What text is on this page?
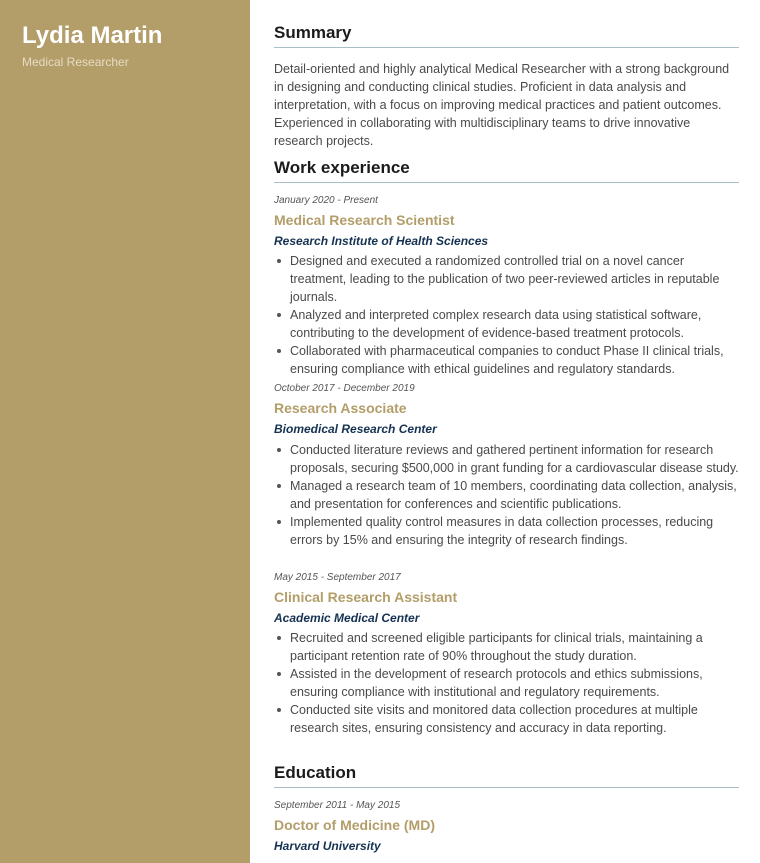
Lydia Martin
Medical Researcher
Summary

Detail-oriented and highly analytical Medical Researcher with a strong background in designing and conducting clinical studies. Proficient in data analysis and interpretation, with a focus on improving medical practices and patient outcomes. Experienced in collaborating with multidisciplinary teams to drive innovative research projects.

Work experience
January 2020 - Present
Medical Research Scientist
Research Institute of Health Sciences
Designed and executed a randomized controlled trial on a novel cancer treatment, leading to the publication of two peer-reviewed articles in reputable journals.
Analyzed and interpreted complex research data using statistical software, contributing to the development of evidence-based treatment protocols.
Collaborated with pharmaceutical companies to conduct Phase II clinical trials, ensuring compliance with ethical guidelines and regulatory standards.
October 2017 - December 2019
Research Associate
Biomedical Research Center
Conducted literature reviews and gathered pertinent information for research proposals, securing $500,000 in grant funding for a cardiovascular disease study.
Managed a research team of 10 members, coordinating data collection, analysis, and presentation for conferences and scientific publications.
Implemented quality control measures in data collection processes, reducing errors by 15% and ensuring the integrity of research findings.
May 2015 - September 2017
Clinical Research Assistant
Academic Medical Center
Recruited and screened eligible participants for clinical trials, maintaining a participant retention rate of 90% throughout the study duration.
Assisted in the development of research protocols and ethics submissions, ensuring compliance with institutional and regulatory requirements.
Conducted site visits and monitored data collection procedures at multiple research sites, ensuring consistency and accuracy in data reporting.
Education
September 2011 - May 2015
Doctor of Medicine (MD)
Harvard University
